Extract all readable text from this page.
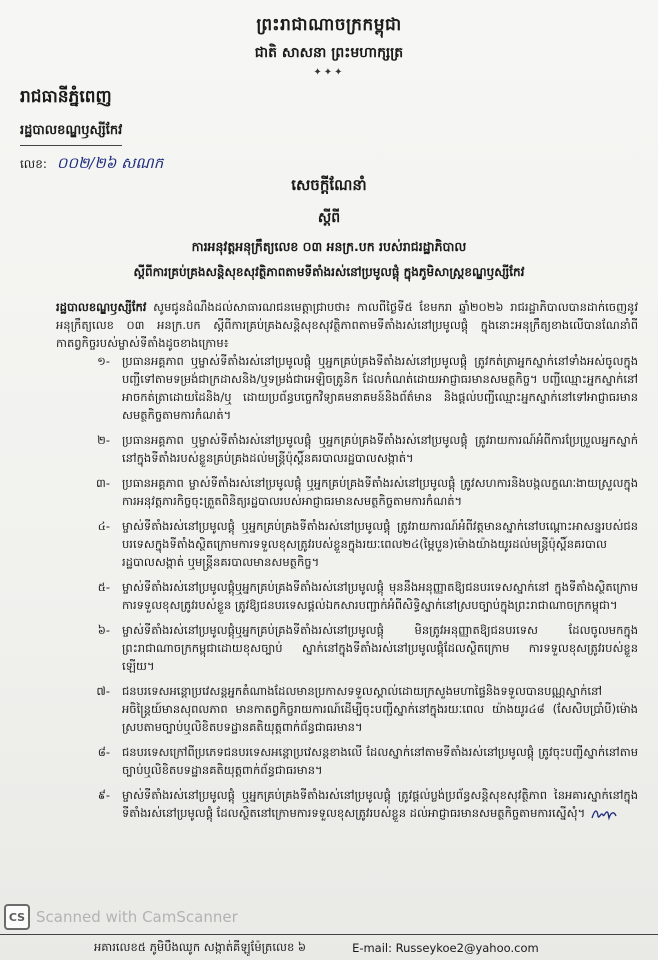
ព្រះរាជាណាចក្រកម្ពុជា
ជាតិ សាសនា ព្រះមហាក្សត្រ
✦✦✦
រាជធានីភ្នំពេញ
រដ្ឋបាលខណ្ឌឫស្សីកែវ
លេខ: ០០២/២៦ សណក
សេចក្តីណែនាំ
ស្តីពី
ការអនុវត្តអនុក្រឹត្យលេខ ០៣ អនក្រ.បក របស់រាជរដ្ឋាភិបាល
ស្តីពីការគ្រប់គ្រងសន្តិសុខសុវត្ថិភាពតាមទីតាំងរស់នៅប្រមូលផ្តុំ ក្នុងភូមិសាស្ត្រខណ្ឌឫស្សីកែវ
រដ្ឋបាលខណ្ឌឫស្សីកែវ សូមជូនដំណឹងដល់សាធារណជនមេត្តាជ្រាបថា៖ កាលពីថ្ងៃទី៥ ខែមករា ឆ្នាំ២០២៦ រាជរដ្ឋាភិបាលបានដាក់ចេញនូវអនុក្រឹត្យលេខ ០៣ អនក្រ.បក ស្តីពីការគ្រប់គ្រងសន្តិសុខសុវត្ថិភាពតាមទីតាំងរស់នៅប្រមូលផ្តុំ ក្នុងនោះអនុក្រឹត្យខាងលើបានណែនាំពីកាតព្វកិច្ចរបស់ម្ចាស់ទីតាំងដូចខាងក្រោម៖
១-	ប្រធានអគ្គភាព ឬម្ចាស់ទីតាំងរស់នៅប្រមូលផ្តុំ ឬអ្នកគ្រប់គ្រងទីតាំងរស់នៅប្រមូលផ្តុំ ត្រូវកត់ត្រាអ្នកស្នាក់នៅទាំងអស់ចូលក្នុងបញ្ជីទៅតាមទម្រង់ជាក្រដាសនិង/ឬទម្រង់ជាអេឡិចត្រូនិក ដែលកំណត់ដោយអាជ្ញាធរមានសមត្ថកិច្ច។ បញ្ជីឈ្មោះអ្នកស្នាក់នៅ អាចកត់ត្រាដោយដៃនិង/ឬ ដោយប្រព័ន្ធបច្ចេកវិទ្យាគមនាគមន៍និងព័ត៌មាន និងផ្តល់បញ្ជីឈ្មោះអ្នកស្នាក់នៅទៅអាជ្ញាធរមានសមត្ថកិច្ចតាមការកំណត់។
២-	ប្រធានអគ្គភាព ឬម្ចាស់ទីតាំងរស់នៅប្រមូលផ្តុំ ឬអ្នកគ្រប់គ្រងទីតាំងរស់នៅប្រមូលផ្តុំ ត្រូវរាយការណ៍អំពីការប្រែប្រួលអ្នកស្នាក់នៅក្នុងទីតាំងរបស់ខ្លួនគ្រប់គ្រងដល់មន្ត្រីប៉ុស្តិ៍នគរបាលរដ្ឋបាលសង្កាត់។
៣-	ប្រធានអគ្គភាព ម្ចាស់ទីតាំងរស់នៅប្រមូលផ្តុំ ឬអ្នកគ្រប់គ្រងទីតាំងរស់នៅប្រមូលផ្តុំ ត្រូវសហការនិងបង្កលក្ខណៈងាយស្រួលក្នុងការអនុវត្តភារកិច្ចចុះត្រួតពិនិត្យរដ្ឋបាលរបស់អាជ្ញាធរមានសមត្ថកិច្ចតាមការកំណត់។
៤-	ម្ចាស់ទីតាំងរស់នៅប្រមូលផ្តុំ ឬអ្នកគ្រប់គ្រងទីតាំងរស់នៅប្រមូលផ្តុំ ត្រូវរាយការណ៍អំពីវត្តមានស្នាក់នៅបណ្តោះអាសន្នរបស់ជនបរទេសក្នុងទីតាំងស្ថិតក្រោមការទទួលខុសត្រូវរបស់ខ្លួនក្នុងរយៈពេល២៤(ម្ភៃបួន)ម៉ោងយ៉ាងយូរដល់មន្ត្រីប៉ុស្តិ៍នគរបាលរដ្ឋបាលសង្កាត់ ឬមន្ត្រីនគរបាលមានសមត្ថកិច្ច។
៥-	ម្ចាស់ទីតាំងរស់នៅប្រមូលផ្តុំឬអ្នកគ្រប់គ្រងទីតាំងរស់នៅប្រមូលផ្តុំ មុននឹងអនុញ្ញាតឱ្យជនបរទេសស្នាក់នៅ ក្នុងទីតាំងស្ថិតក្រោមការទទួលខុសត្រូវរបស់ខ្លួន ត្រូវឱ្យជនបរទេសផ្តល់ឯកសារបញ្ជាក់អំពីសិទ្ធិស្នាក់នៅស្របច្បាប់ក្នុងព្រះរាជាណាចក្រកម្ពុជា។
៦-	ម្ចាស់ទីតាំងរស់នៅប្រមូលផ្តុំឬអ្នកគ្រប់គ្រងទីតាំងរស់នៅប្រមូលផ្តុំ មិនត្រូវអនុញ្ញាតឱ្យជនបរទេស ដែលចូលមកក្នុងព្រះរាជាណាចក្រកម្ពុជាដោយខុសច្បាប់ ស្នាក់នៅក្នុងទីតាំងរស់នៅប្រមូលផ្តុំដែលស្ថិតក្រោម ការទទួលខុសត្រូវរបស់ខ្លួនឡើយ។
៧-	ជនបរទេសអន្តោប្រវេសន្តអ្នកតំណាងដែលមានប្រកាសទទួលស្គាល់ដោយក្រសួងមហាផ្ទៃនិងទទួលបានបណ្ណស្នាក់នៅអចិន្ត្រៃយ៍មានសុពលភាព មានកាតព្វកិច្ចរាយការណ៍ដើម្បីចុះបញ្ជីស្នាក់នៅក្នុងរយៈពេល យ៉ាងយូរ៤៨ (សែសិបប្រាំបី)ម៉ោង ស្របតាមច្បាប់ឬលិខិតបទដ្ឋានគតិយុត្តពាក់ព័ន្ធជាធរមាន។
៨-	ជនបរទេសក្រៅពីប្រភេទជនបរទេសអន្តោប្រវេសន្តខាងលើ ដែលស្នាក់នៅតាមទីតាំងរស់នៅប្រមូលផ្តុំ ត្រូវចុះបញ្ជីស្នាក់នៅតាមច្បាប់ឬលិខិតបទដ្ឋានគតិយុត្តពាក់ព័ន្ធជាធរមាន។
៩-	ម្ចាស់ទីតាំងរស់នៅប្រមូលផ្តុំ ឬអ្នកគ្រប់គ្រងទីតាំងរស់នៅប្រមូលផ្តុំ ត្រូវផ្តល់ប្លង់ប្រព័ន្ធសន្តិសុខសុវត្ថិភាព នៃអគារស្នាក់នៅក្នុងទីតាំងរស់នៅប្រមូលផ្តុំ ដែលស្ថិតនៅក្រោមការទទួលខុសត្រូវរបស់ខ្លួន ដល់អាជ្ញាធរមានសមត្ថកិច្ចតាមការស្នើសុំ។
CS Scanned with CamScanner
អគារលេខ៥ ភូមិបឹងឈូក សង្កាត់គីឡូម៉ែត្រលេខ ៦	E-mail: Russeykoe2@yahoo.com
